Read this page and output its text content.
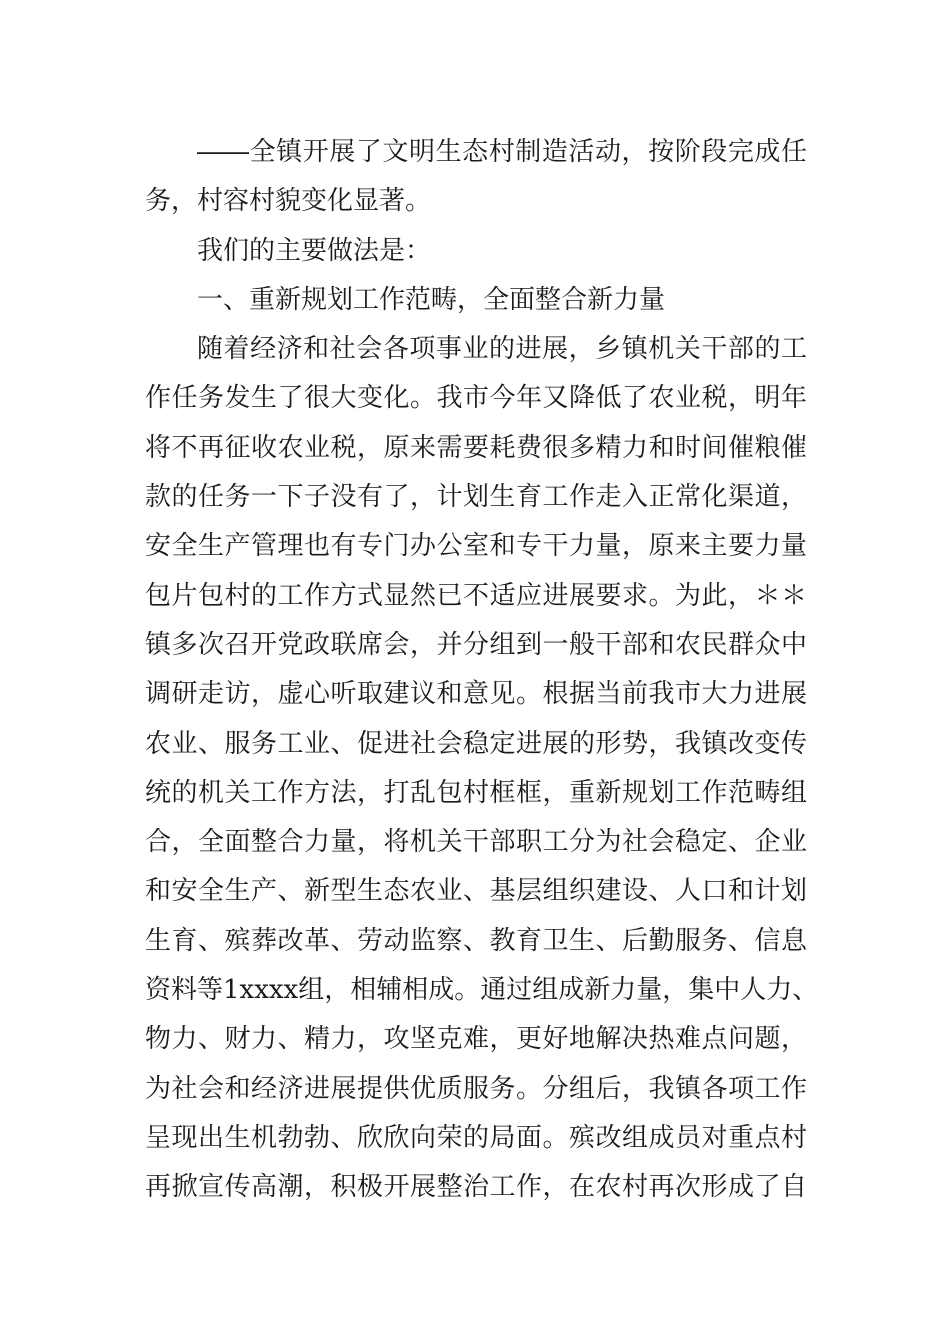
――全镇开展了文明生态村制造活动，按阶段完成任
务，村容村貌变化显著。
我们的主要做法是：
一、重新规划工作范畴，全面整合新力量
随着经济和社会各项事业的进展，乡镇机关干部的工
作任务发生了很大变化。我市今年又降低了农业税，明年
将不再征收农业税，原来需要耗费很多精力和时间催粮催
款的任务一下子没有了，计划生育工作走入正常化渠道，
安全生产管理也有专门办公室和专干力量，原来主要力量
包片包村的工作方式显然已不适应进展要求。为此，＊＊
镇多次召开党政联席会，并分组到一般干部和农民群众中
调研走访，虚心听取建议和意见。根据当前我市大力进展
农业、服务工业、促进社会稳定进展的形势，我镇改变传
统的机关工作方法，打乱包村框框，重新规划工作范畴组
合，全面整合力量，将机关干部职工分为社会稳定、企业
和安全生产、新型生态农业、基层组织建设、人口和计划
生育、殡葬改革、劳动监察、教育卫生、后勤服务、信息
资料等1xxxx组，相辅相成。通过组成新力量，集中人力、
物力、财力、精力，攻坚克难，更好地解决热难点问题，
为社会和经济进展提供优质服务。分组后，我镇各项工作
呈现出生机勃勃、欣欣向荣的局面。殡改组成员对重点村
再掀宣传高潮，积极开展整治工作，在农村再次形成了自
